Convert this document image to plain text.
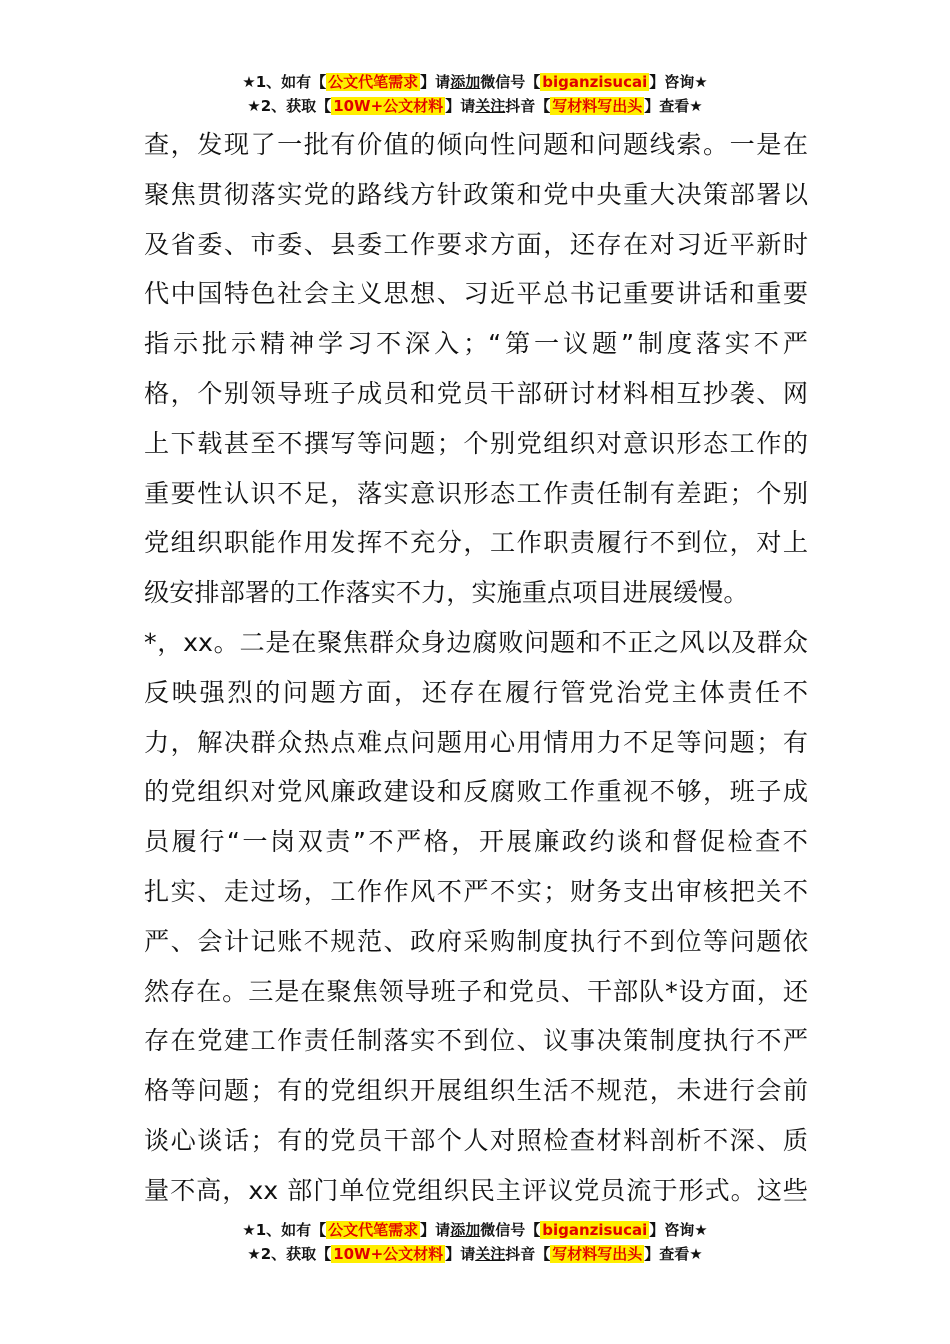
★1、如有【 公文代笔需求 】请添加微信号【 biganzisucai 】咨询★
★2、获取【 10W+公文材料 】请关注抖音【 写材料写出头 】查看★
查，发现了一批有价值的倾向性问题和问题线索。一是在
聚焦贯彻落实党的路线方针政策和党中央重大决策部署以
及省委、市委、县委工作要求方面，还存在对习近平新时
代中国特色社会主义思想、习近平总书记重要讲话和重要
指示批示精神学习不深入；“第一议题”制度落实不严
格，个别领导班子成员和党员干部研讨材料相互抄袭、网
上下载甚至不撰写等问题；个别党组织对意识形态工作的
重要性认识不足，落实意识形态工作责任制有差距；个别
党组织职能作用发挥不充分，工作职责履行不到位，对上
级安排部署的工作落实不力，实施重点项目进展缓慢。
*，xx。二是在聚焦群众身边腐败问题和不正之风以及群众
反映强烈的问题方面，还存在履行管党治党主体责任不
力，解决群众热点难点问题用心用情用力不足等问题；有
的党组织对党风廉政建设和反腐败工作重视不够，班子成
员履行“一岗双责”不严格，开展廉政约谈和督促检查不
扎实、走过场，工作作风不严不实；财务支出审核把关不
严、会计记账不规范、政府采购制度执行不到位等问题依
然存在。三是在聚焦领导班子和党员、干部队*设方面，还
存在党建工作责任制落实不到位、议事决策制度执行不严
格等问题；有的党组织开展组织生活不规范，未进行会前
谈心谈话；有的党员干部个人对照检查材料剖析不深、质
量不高，xx 部门单位党组织民主评议党员流于形式。这些
★1、如有【 公文代笔需求 】请添加微信号【 biganzisucai 】咨询★
★2、获取【 10W+公文材料 】请关注抖音【 写材料写出头 】查看★
